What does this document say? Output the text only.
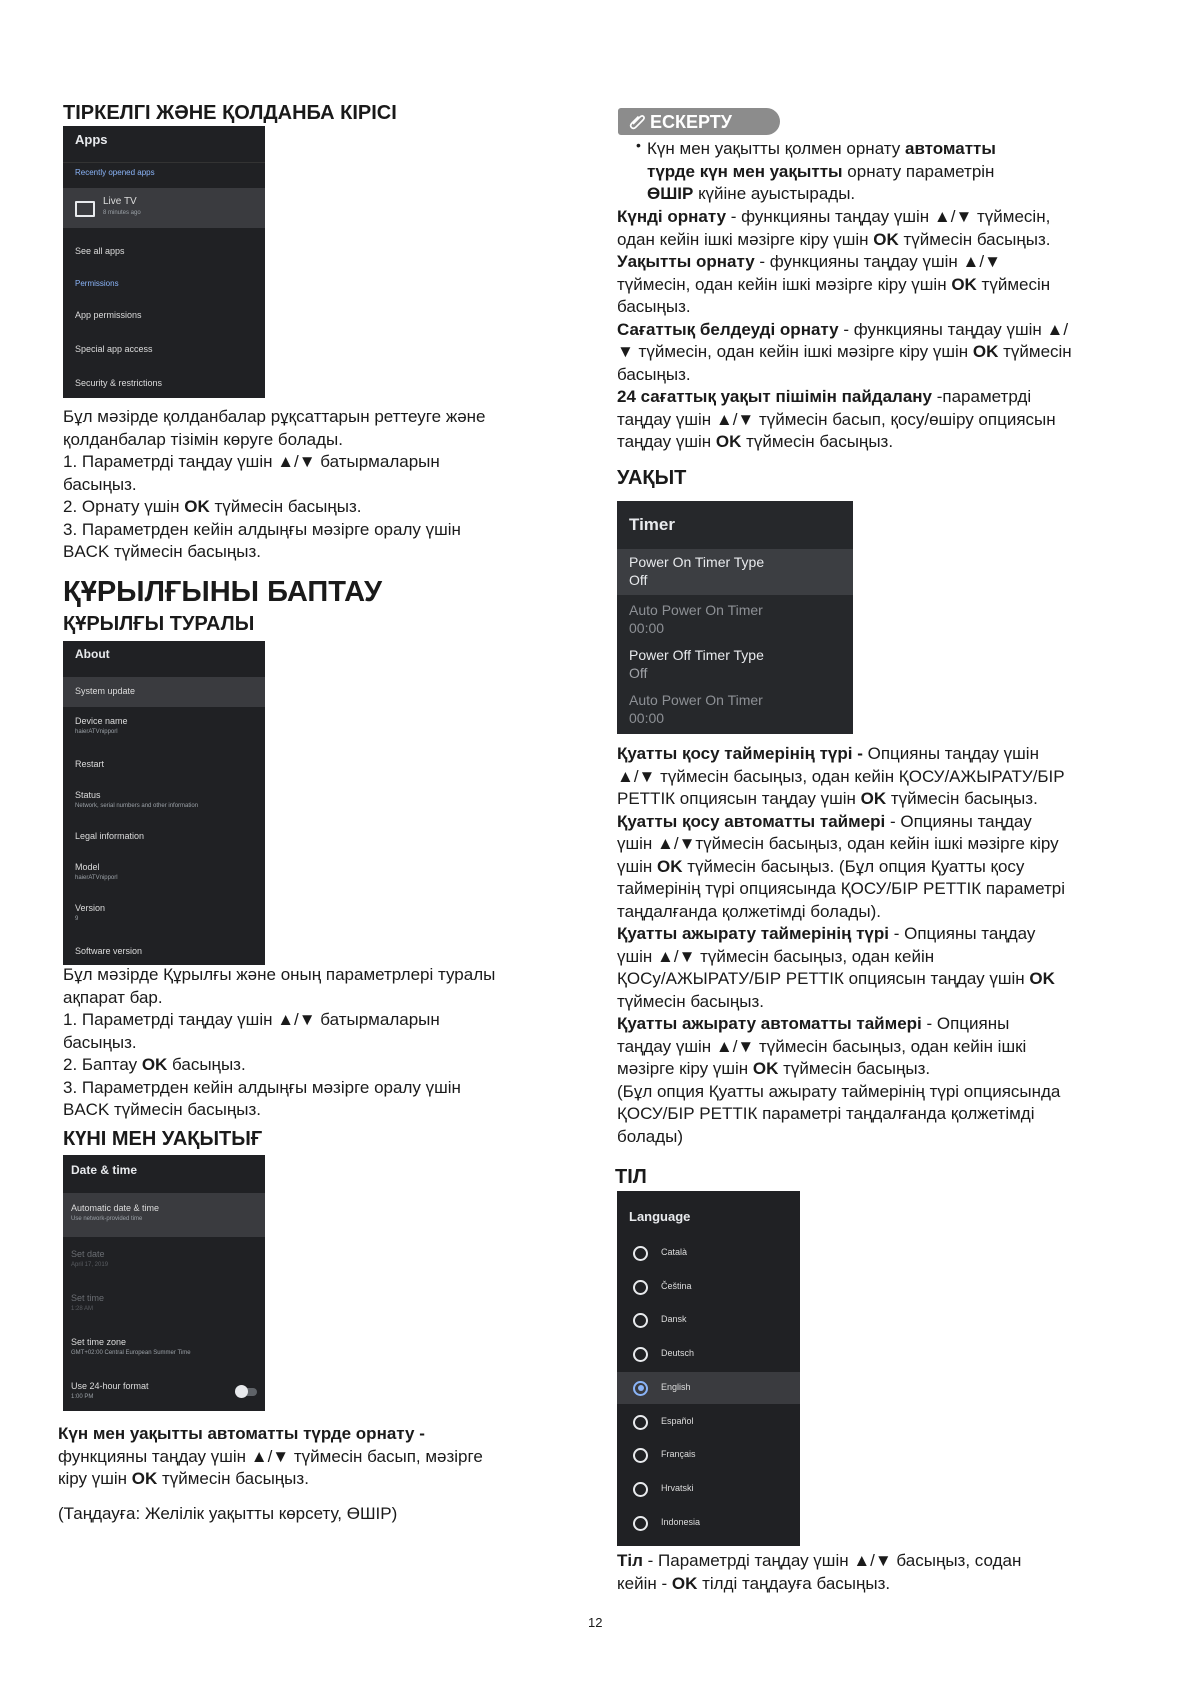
ТІРКЕЛГІ ЖӘНЕ ҚОЛДАНБА КІРІСІ
Apps
Recently opened apps
Live TV
8 minutes ago
See all apps
Permissions
App permissions
Special app access
Security & restrictions
Бұл мәзірде қолданбалар рұқсаттарын реттеуге және
қолданбалар тізімін көруге болады.
1. Параметрді таңдау үшін ▲/▼ батырмаларын
басыңыз.
2. Орнату үшін OK түймесін басыңыз.
3. Параметрден кейін алдыңғы мәзірге оралу үшін
BACK түймесін басыңыз.
ҚҰРЫЛҒЫНЫ БАПТАУ
ҚҰРЫЛҒЫ ТУРАЛЫ
About
System update
Device name
haierATVnipporl
Restart
Status
Network, serial numbers and other information
Legal information
Model
haierATVnipporl
Version
9
Software version
Бұл мәзірде Құрылғы және оның параметрлері туралы
ақпарат бар.
1. Параметрді таңдау үшін ▲/▼ батырмаларын
басыңыз.
2. Баптау OK басыңыз.
3. Параметрден кейін алдыңғы мәзірге оралу үшін
BACK түймесін басыңыз.
КҮНІ МЕН УАҚЫТЫҒ
Date & time
Automatic date & time
Use network-provided time
Set date
April 17, 2019
Set time
1:28 AM
Set time zone
GMT+02:00 Central European Summer Time
Use 24-hour format
1:00 PM
Күн мен уақытты автоматты түрде орнату -
функцияны таңдау үшін ▲/▼ түймесін басып, мәзірге
кіру үшін OK түймесін басыңыз.
(Таңдауға: Желілік уақытты көрсету, ӨШІР)
ЕСКЕРТУ
• Күн мен уақытты қолмен орнату автоматты
түрде күн мен уақытты орнату параметрін
ӨШІР күйіне ауыстырады.
Күнді орнату - функцияны таңдау үшін ▲/▼ түймесін,
одан кейін ішкі мәзірге кіру үшін OK түймесін басыңыз.
Уақытты орнату - функцияны таңдау үшін ▲/▼
түймесін, одан кейін ішкі мәзірге кіру үшін OK түймесін
басыңыз.
Сағаттық белдеуді орнату - функцияны таңдау үшін ▲/
▼ түймесін, одан кейін ішкі мәзірге кіру үшін OK түймесін
басыңыз.
24 сағаттық уақыт пішімін пайдалану -параметрді
таңдау үшін ▲/▼ түймесін басып, қосу/өшіру опциясын
таңдау үшін OK түймесін басыңыз.
УАҚЫТ
Timer
Power On Timer Type
Off
Auto Power On Timer
00:00
Power Off Timer Type
Off
Auto Power On Timer
00:00
Қуатты қосу таймерінің түрі - Опцияны таңдау үшін
▲/▼ түймесін басыңыз, одан кейін ҚОСУ/АЖЫРАТУ/БІР
РЕТТІК опциясын таңдау үшін OK түймесін басыңыз.
Қуатты қосу автоматты таймері - Опцияны таңдау
үшін ▲/▼түймесін басыңыз, одан кейін ішкі мәзірге кіру
үшін OK түймесін басыңыз. (Бұл опция Қуатты қосу
таймерінің түрі опциясында ҚОСУ/БІР РЕТТІК параметрі
таңдалғанда қолжетімді болады).
Қуатты ажырату таймерінің түрі - Опцияны таңдау
үшін ▲/▼ түймесін басыңыз, одан кейін
ҚОСу/АЖЫРАТУ/БІР РЕТТІК опциясын таңдау үшін OK
түймесін басыңыз.
Қуатты ажырату автоматты таймері - Опцияны
таңдау үшін ▲/▼ түймесін басыңыз, одан кейін ішкі
мәзірге кіру үшін OK түймесін басыңыз.
(Бұл опция Қуатты ажырату таймерінің түрі опциясында
ҚОСУ/БІР РЕТТІК параметрі таңдалғанда қолжетімді
болады)
ТІЛ
Language
Català
Čeština
Dansk
Deutsch
English
Español
Français
Hrvatski
Indonesia
Тіл - Параметрді таңдау үшін ▲/▼ басыңыз, содан
кейін - OK тілді таңдауға басыңыз.
12
